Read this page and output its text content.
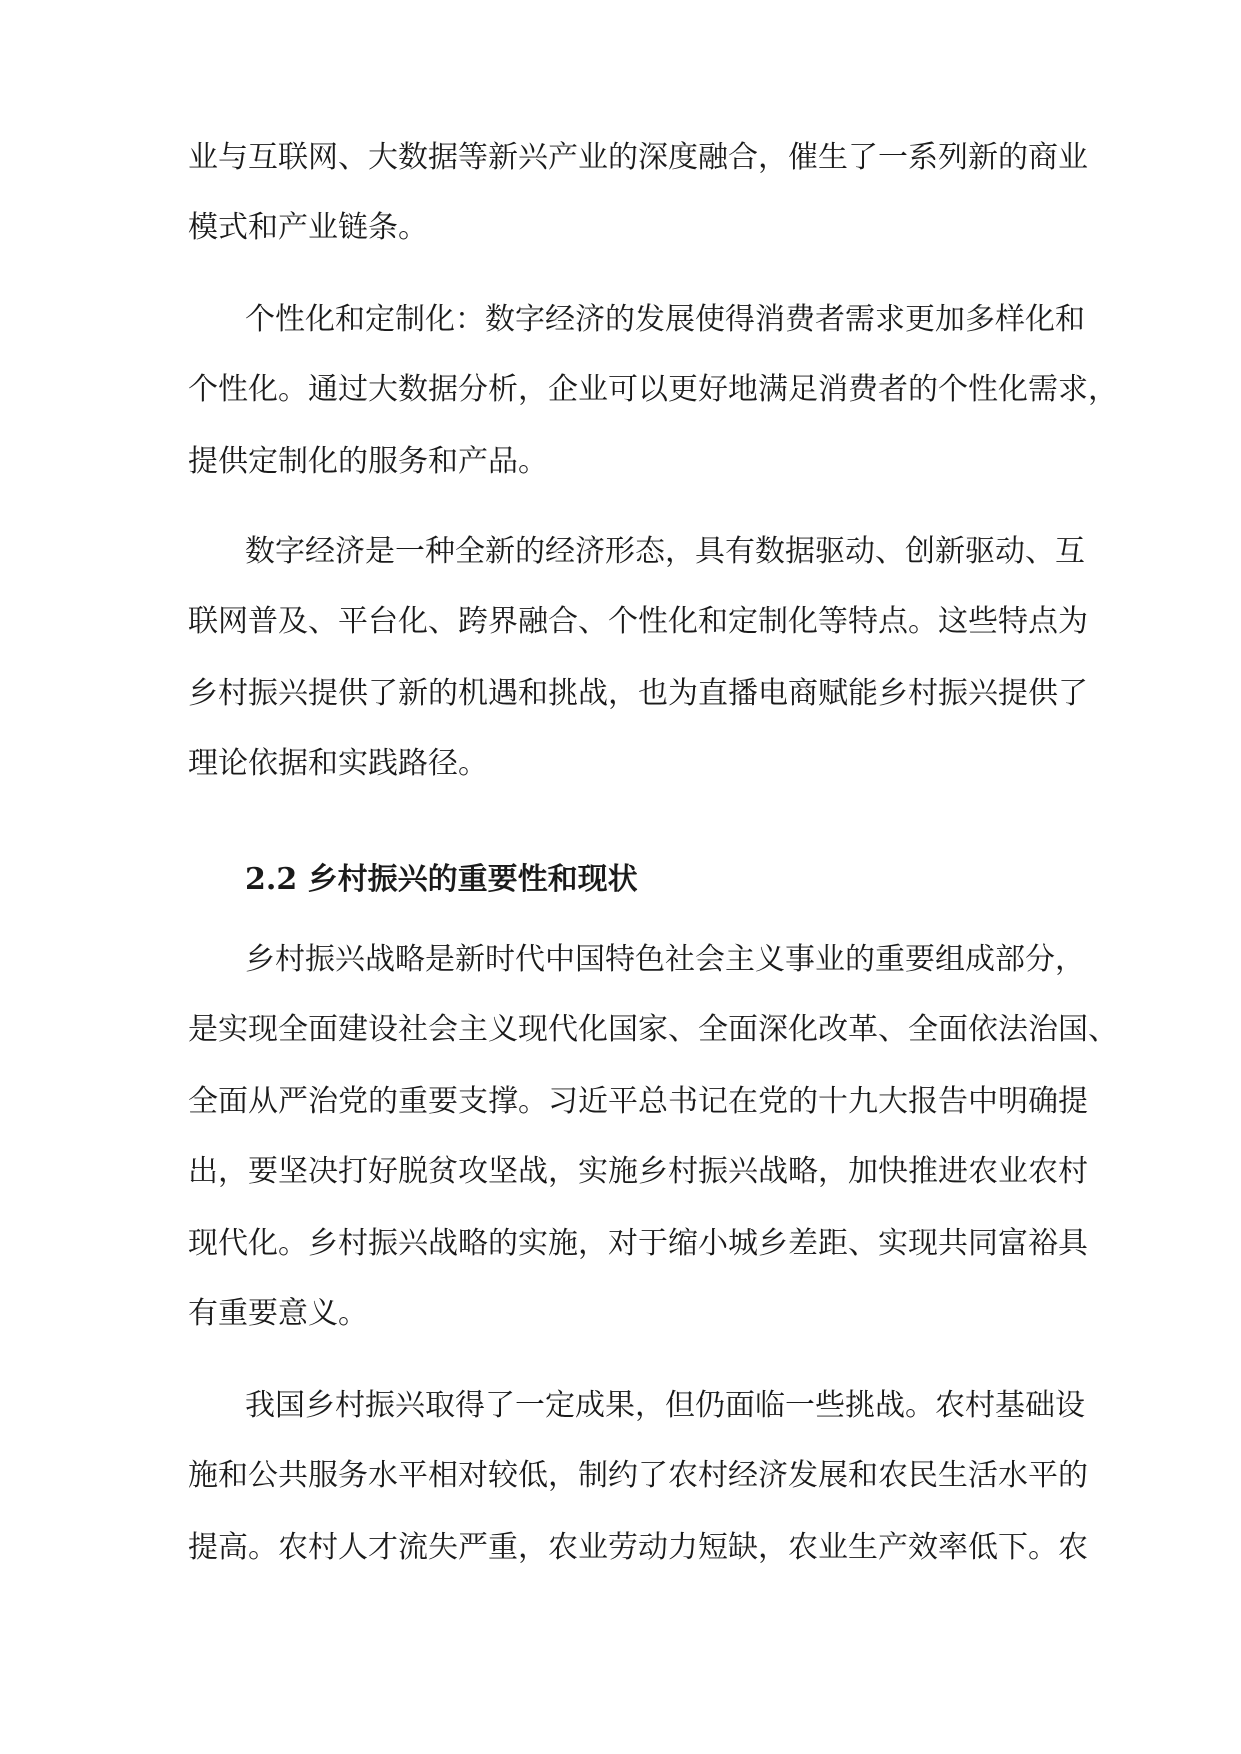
业与互联网、大数据等新兴产业的深度融合，催生了一系列新的商业
模式和产业链条。
个性化和定制化：数字经济的发展使得消费者需求更加多样化和
个性化。通过大数据分析，企业可以更好地满足消费者的个性化需求，
提供定制化的服务和产品。
数字经济是一种全新的经济形态，具有数据驱动、创新驱动、互
联网普及、平台化、跨界融合、个性化和定制化等特点。这些特点为
乡村振兴提供了新的机遇和挑战，也为直播电商赋能乡村振兴提供了
理论依据和实践路径。
2.2 乡村振兴的重要性和现状
乡村振兴战略是新时代中国特色社会主义事业的重要组成部分，
是实现全面建设社会主义现代化国家、全面深化改革、全面依法治国、
全面从严治党的重要支撑。习近平总书记在党的十九大报告中明确提
出，要坚决打好脱贫攻坚战，实施乡村振兴战略，加快推进农业农村
现代化。乡村振兴战略的实施，对于缩小城乡差距、实现共同富裕具
有重要意义。
我国乡村振兴取得了一定成果，但仍面临一些挑战。农村基础设
施和公共服务水平相对较低，制约了农村经济发展和农民生活水平的
提高。农村人才流失严重，农业劳动力短缺，农业生产效率低下。农
